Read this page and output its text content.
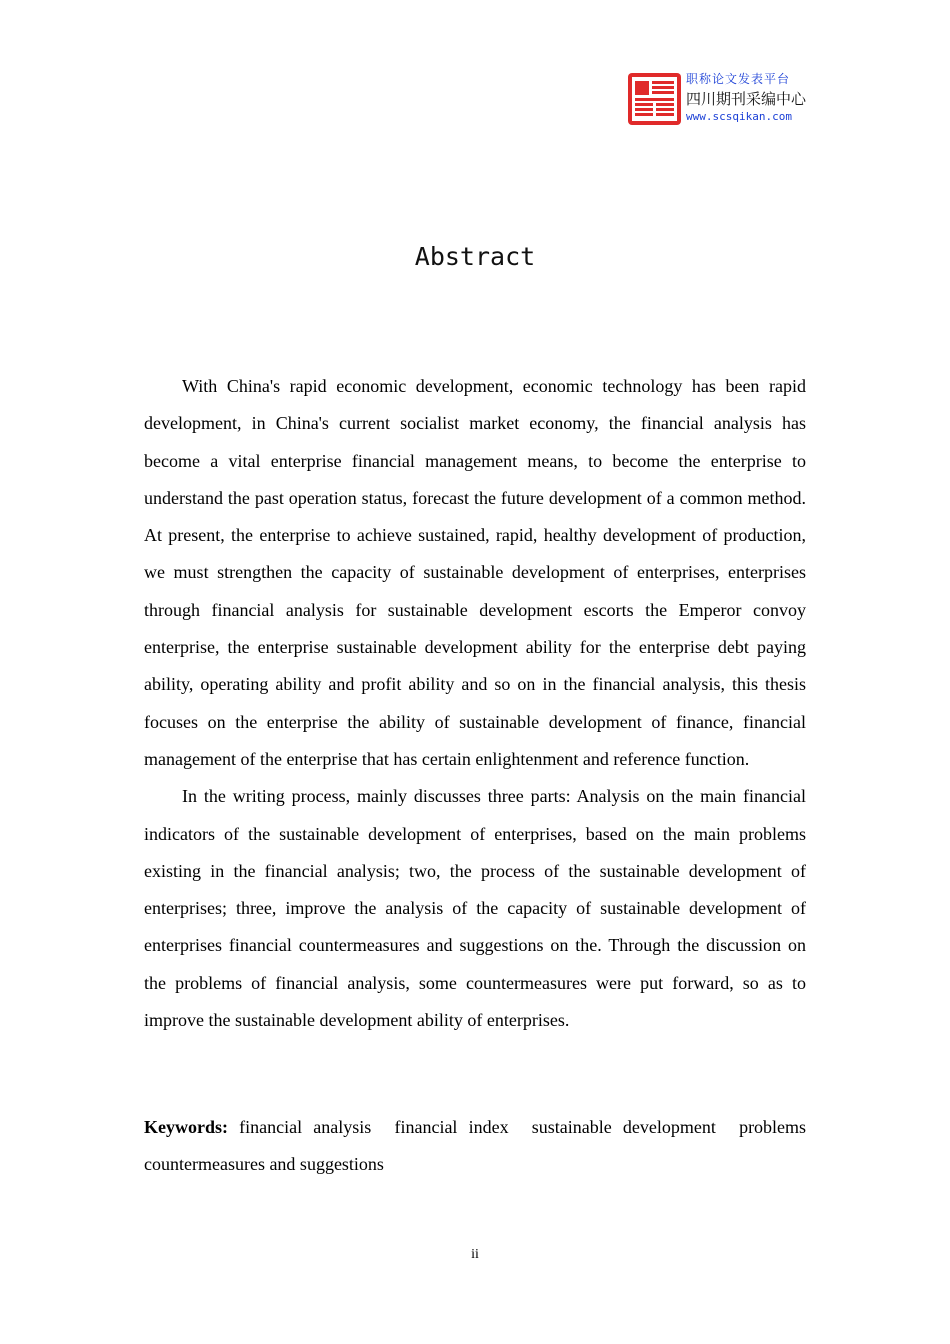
职称论文发表平台
四川期刊采编中心
www.scsqikan.com
Abstract

With China's rapid economic development, economic technology has been rapid development, in China's current socialist market economy, the financial analysis has become a vital enterprise financial management means, to become the enterprise to understand the past operation status, forecast the future development of a common method. At present, the enterprise to achieve sustained, rapid, healthy development of production, we must strengthen the capacity of sustainable development of enterprises, enterprises through financial analysis for sustainable development escorts the Emperor convoy enterprise, the enterprise sustainable development ability for the enterprise debt paying ability, operating ability and profit ability and so on in the financial analysis, this thesis focuses on the enterprise the ability of sustainable development of finance, financial management of the enterprise that has certain enlightenment and reference function.

In the writing process, mainly discusses three parts: Analysis on the main financial indicators of the sustainable development of enterprises, based on the main problems existing in the financial analysis; two, the process of the sustainable development of enterprises; three, improve the analysis of the capacity of sustainable development of enterprises financial countermeasures and suggestions on the. Through the discussion on the problems of financial analysis, some countermeasures were put forward, so as to improve the sustainable development ability of enterprises.

Keywords: financial analysis financial index sustainable development problems countermeasures and suggestions
ii
